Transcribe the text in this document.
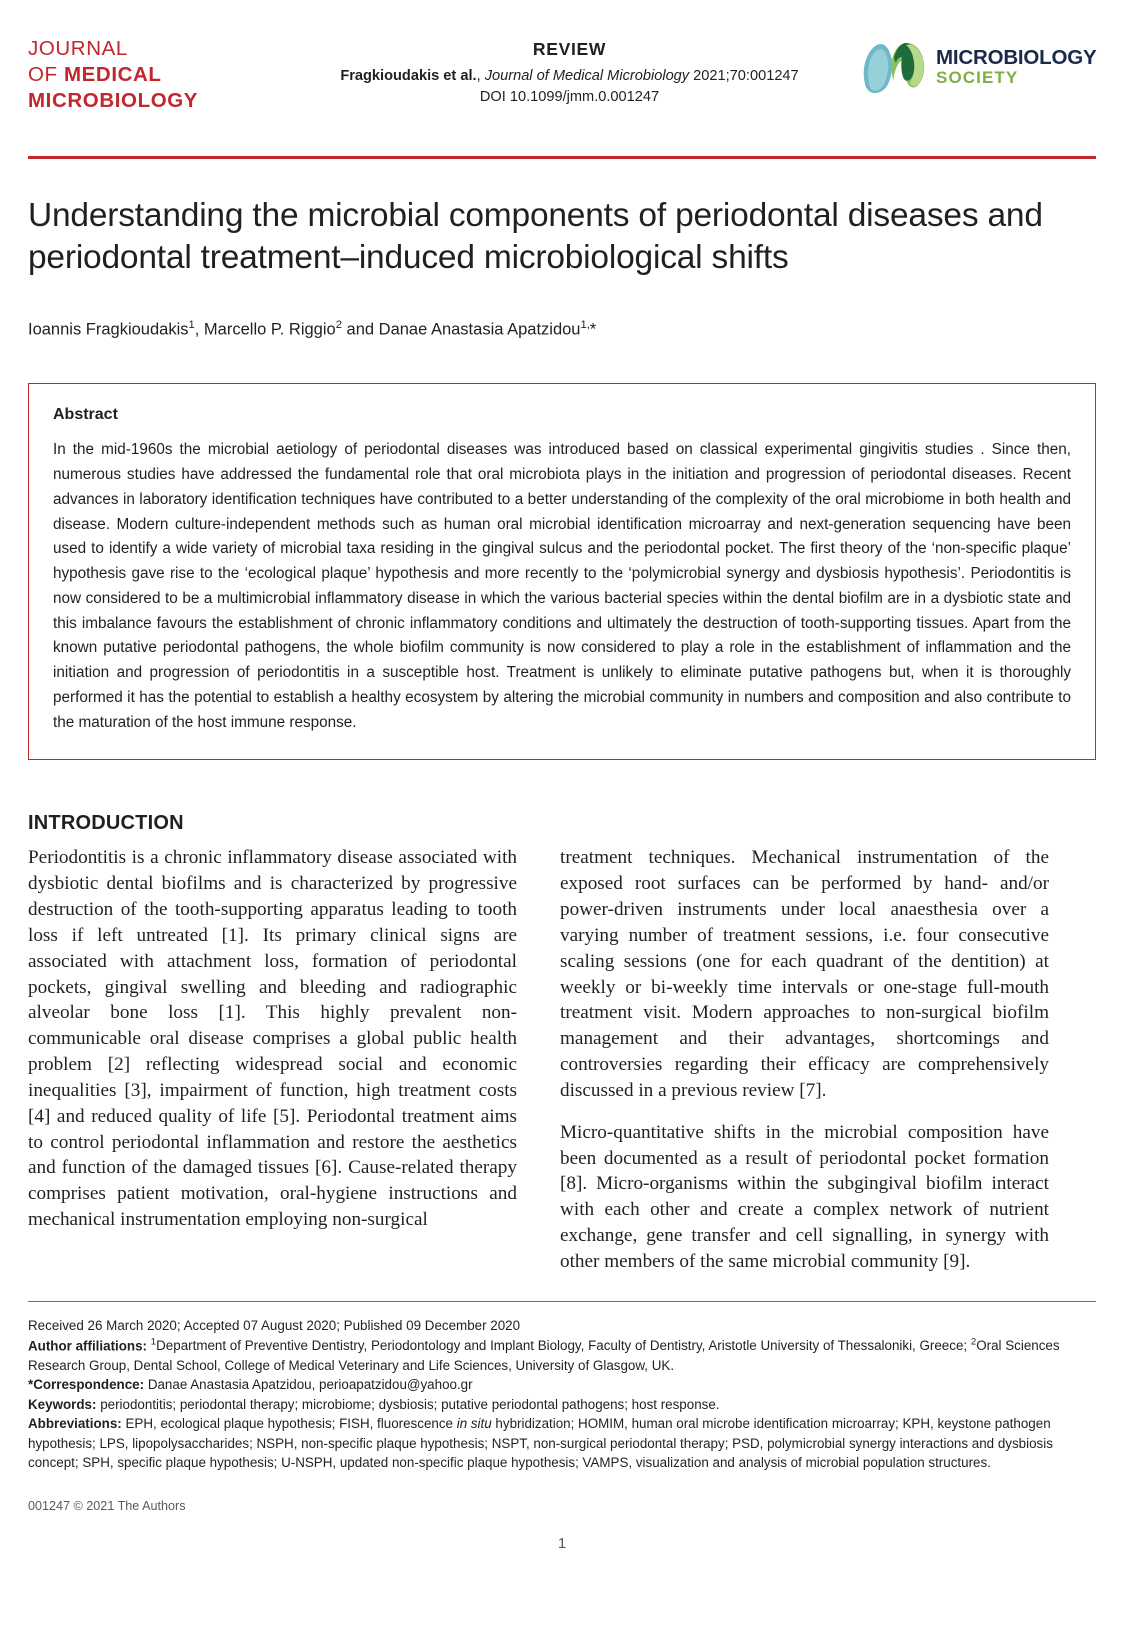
JOURNAL
OF MEDICAL
MICROBIOLOGY
REVIEW
Fragkioudakis et al., Journal of Medical Microbiology 2021;70:001247
DOI 10.1099/jmm.0.001247
MICROBIOLOGY
SOCIETY
Understanding the microbial components of periodontal diseases and periodontal treatment–induced microbiological shifts
Ioannis Fragkioudakis$^1$, Marcello P. Riggio$^2$ and Danae Anastasia Apatzidou$^{1,}$*
Abstract
In the mid-1960s the microbial aetiology of periodontal diseases was introduced based on classical experimental gingivitis studies . Since then, numerous studies have addressed the fundamental role that oral microbiota plays in the initiation and progression of periodontal diseases. Recent advances in laboratory identification techniques have contributed to a better understanding of the complexity of the oral microbiome in both health and disease. Modern culture-independent methods such as human oral microbial identification microarray and next-generation sequencing have been used to identify a wide variety of microbial taxa residing in the gingival sulcus and the periodontal pocket. The first theory of the ‘non-specific plaque’ hypothesis gave rise to the ‘ecological plaque’ hypothesis and more recently to the ‘polymicrobial synergy and dysbiosis hypothesis’. Periodontitis is now considered to be a multimicrobial inflammatory disease in which the various bacterial species within the dental biofilm are in a dysbiotic state and this imbalance favours the establishment of chronic inflammatory conditions and ultimately the destruction of tooth-supporting tissues. Apart from the known putative periodontal pathogens, the whole biofilm community is now considered to play a role in the establishment of inflammation and the initiation and progression of periodontitis in a susceptible host. Treatment is unlikely to eliminate putative pathogens but, when it is thoroughly performed it has the potential to establish a healthy ecosystem by altering the microbial community in numbers and composition and also contribute to the maturation of the host immune response.
INTRODUCTION

Periodontitis is a chronic inflammatory disease associated with dysbiotic dental biofilms and is characterized by progressive destruction of the tooth-supporting apparatus leading to tooth loss if left untreated [1]. Its primary clinical signs are associated with attachment loss, formation of periodontal pockets, gingival swelling and bleeding and radiographic alveolar bone loss [1]. This highly prevalent non-communicable oral disease comprises a global public health problem [2] reflecting widespread social and economic inequalities [3], impairment of function, high treatment costs [4] and reduced quality of life [5]. Periodontal treatment aims to control periodontal inflammation and restore the aesthetics and function of the damaged tissues [6]. Cause-related therapy comprises patient motivation, oral-hygiene instructions and mechanical instrumentation employing non-surgical

treatment techniques. Mechanical instrumentation of the exposed root surfaces can be performed by hand- and/or power-driven instruments under local anaesthesia over a varying number of treatment sessions, i.e. four consecutive scaling sessions (one for each quadrant of the dentition) at weekly or bi-weekly time intervals or one-stage full-mouth treatment visit. Modern approaches to non-surgical biofilm management and their advantages, shortcomings and controversies regarding their efficacy are comprehensively discussed in a previous review [7].

Micro-quantitative shifts in the microbial composition have been documented as a result of periodontal pocket formation [8]. Micro-organisms within the subgingival biofilm interact with each other and create a complex network of nutrient exchange, gene transfer and cell signalling, in synergy with other members of the same microbial community [9].

Received 26 March 2020; Accepted 07 August 2020; Published 09 December 2020

Author affiliations: $^1$Department of Preventive Dentistry, Periodontology and Implant Biology, Faculty of Dentistry, Aristotle University of Thessaloniki, Greece; $^2$Oral Sciences Research Group, Dental School, College of Medical Veterinary and Life Sciences, University of Glasgow, UK.

*Correspondence: Danae Anastasia Apatzidou, perioapatzidou@yahoo.gr

Keywords: periodontitis; periodontal therapy; microbiome; dysbiosis; putative periodontal pathogens; host response.

Abbreviations: EPH, ecological plaque hypothesis; FISH, fluorescence in situ hybridization; HOMIM, human oral microbe identification microarray; KPH, keystone pathogen hypothesis; LPS, lipopolysaccharides; NSPH, non-specific plaque hypothesis; NSPT, non-surgical periodontal therapy; PSD, polymicrobial synergy interactions and dysbiosis concept; SPH, specific plaque hypothesis; U-NSPH, updated non-specific plaque hypothesis; VAMPS, visualization and analysis of microbial population structures.

001247 © 2021 The Authors
1
